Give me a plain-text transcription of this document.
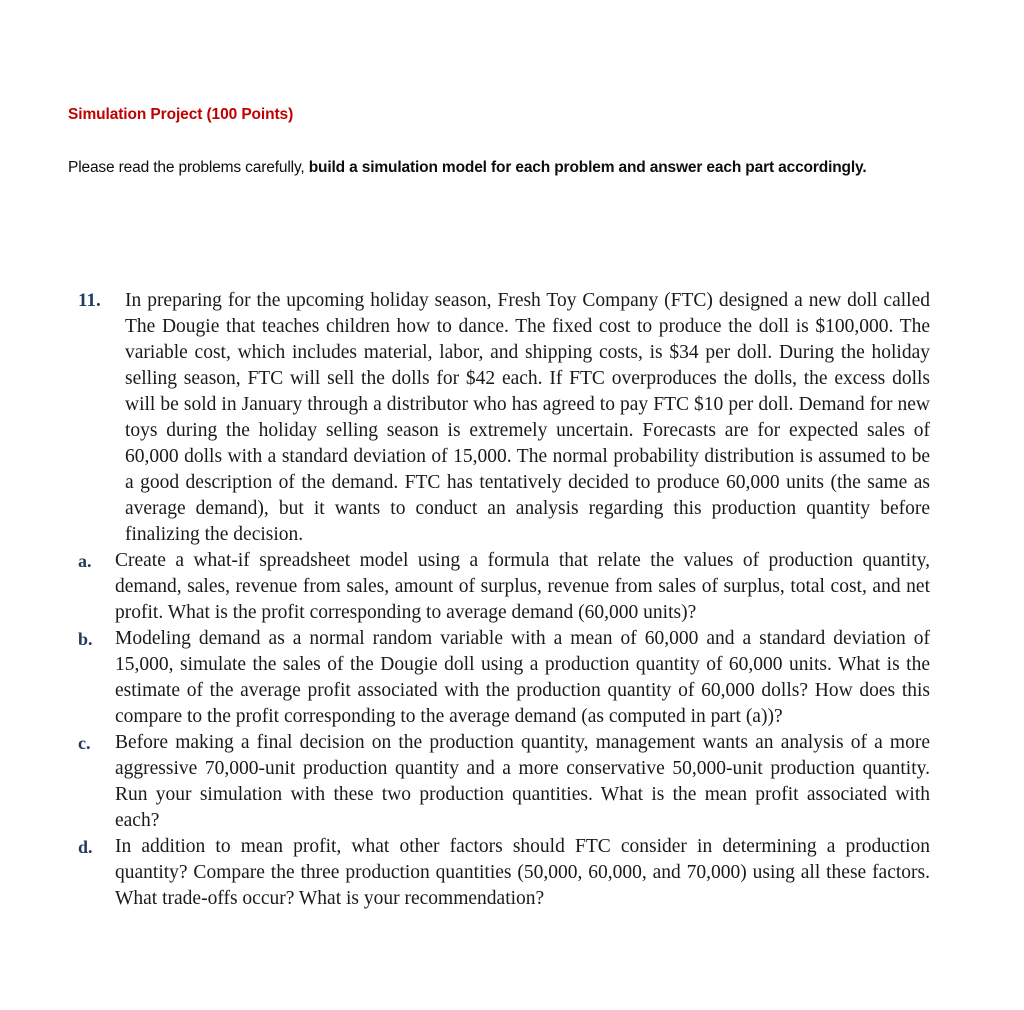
Simulation Project (100 Points)

Please read the problems carefully, build a simulation model for each problem and answer each part accordingly.

11.	In preparing for the upcoming holiday season, Fresh Toy Company (FTC) designed a new doll called The Dougie that teaches children how to dance. The fixed cost to produce the doll is $100,000. The variable cost, which includes material, labor, and shipping costs, is $34 per doll. During the holiday selling season, FTC will sell the dolls for $42 each. If FTC overproduces the dolls, the excess dolls will be sold in January through a distributor who has agreed to pay FTC $10 per doll. Demand for new toys during the holiday selling season is extremely uncertain. Forecasts are for expected sales of 60,000 dolls with a standard deviation of 15,000. The normal probability distribution is assumed to be a good description of the demand. FTC has tentatively decided to produce 60,000 units (the same as average demand), but it wants to conduct an analysis regarding this production quantity before finalizing the decision.

a.	Create a what-if spreadsheet model using a formula that relate the values of production quantity, demand, sales, revenue from sales, amount of surplus, revenue from sales of surplus, total cost, and net profit. What is the profit corresponding to average demand (60,000 units)?

b.	Modeling demand as a normal random variable with a mean of 60,000 and a standard deviation of 15,000, simulate the sales of the Dougie doll using a production quantity of 60,000 units. What is the estimate of the average profit associated with the production quantity of 60,000 dolls? How does this compare to the profit corresponding to the average demand (as computed in part (a))?

c.	Before making a final decision on the production quantity, management wants an analysis of a more aggressive 70,000-unit production quantity and a more conservative 50,000-unit production quantity. Run your simulation with these two production quantities. What is the mean profit associated with each?

d.	In addition to mean profit, what other factors should FTC consider in determining a production quantity? Compare the three production quantities (50,000, 60,000, and 70,000) using all these factors. What trade-offs occur? What is your recommendation?
